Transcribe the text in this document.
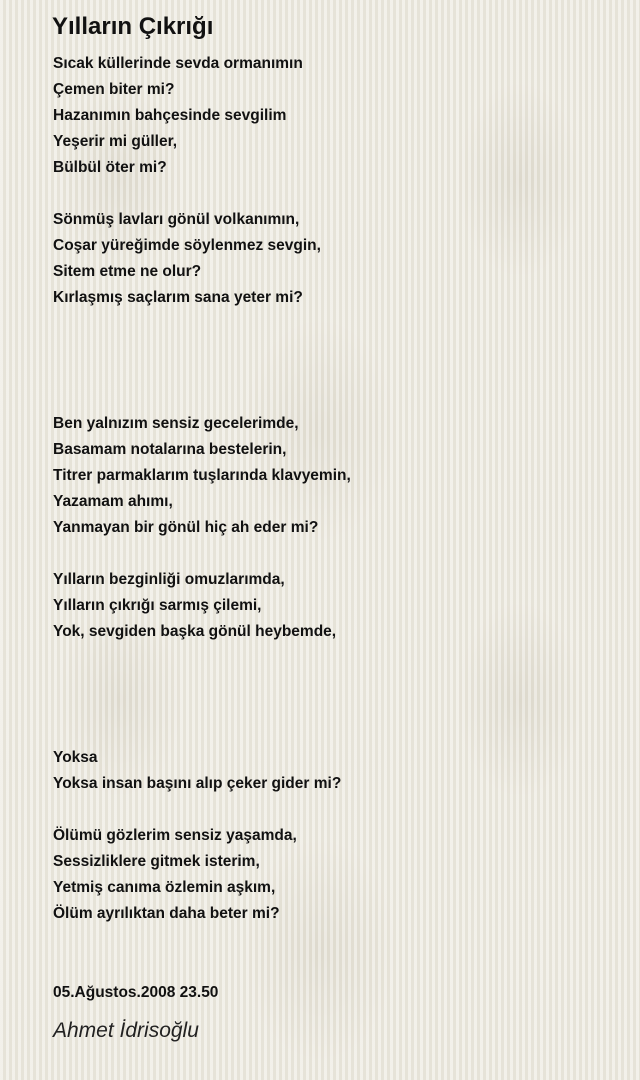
Yılların Çıkrığı
Sıcak küllerinde sevda ormanımın
Çemen biter mi?
Hazanımın bahçesinde sevgilim
Yeşerir mi güller,
Bülbül öter mi?
Sönmüş lavları gönül volkanımın,
Coşar yüreğimde söylenmez sevgin,
Sitem etme ne olur?
Kırlaşmış saçlarım sana yeter mi?
Ben yalnızım sensiz gecelerimde,
Basamam notalarına bestelerin,
Titrer parmaklarım tuşlarında klavyemin,
Yazamam ahımı,
Yanmayan bir gönül hiç ah eder mi?
Yılların bezginliği omuzlarımda,
Yılların çıkrığı sarmış çilemi,
Yok, sevgiden başka gönül heybemde,
Yoksa
Yoksa insan başını alıp çeker gider mi?
Ölümü gözlerim sensiz yaşamda,
Sessizliklere gitmek isterim,
Yetmiş canıma özlemin aşkım,
Ölüm ayrılıktan daha beter mi?
05.Ağustos.2008 23.50
Ahmet İdrisoğlu
